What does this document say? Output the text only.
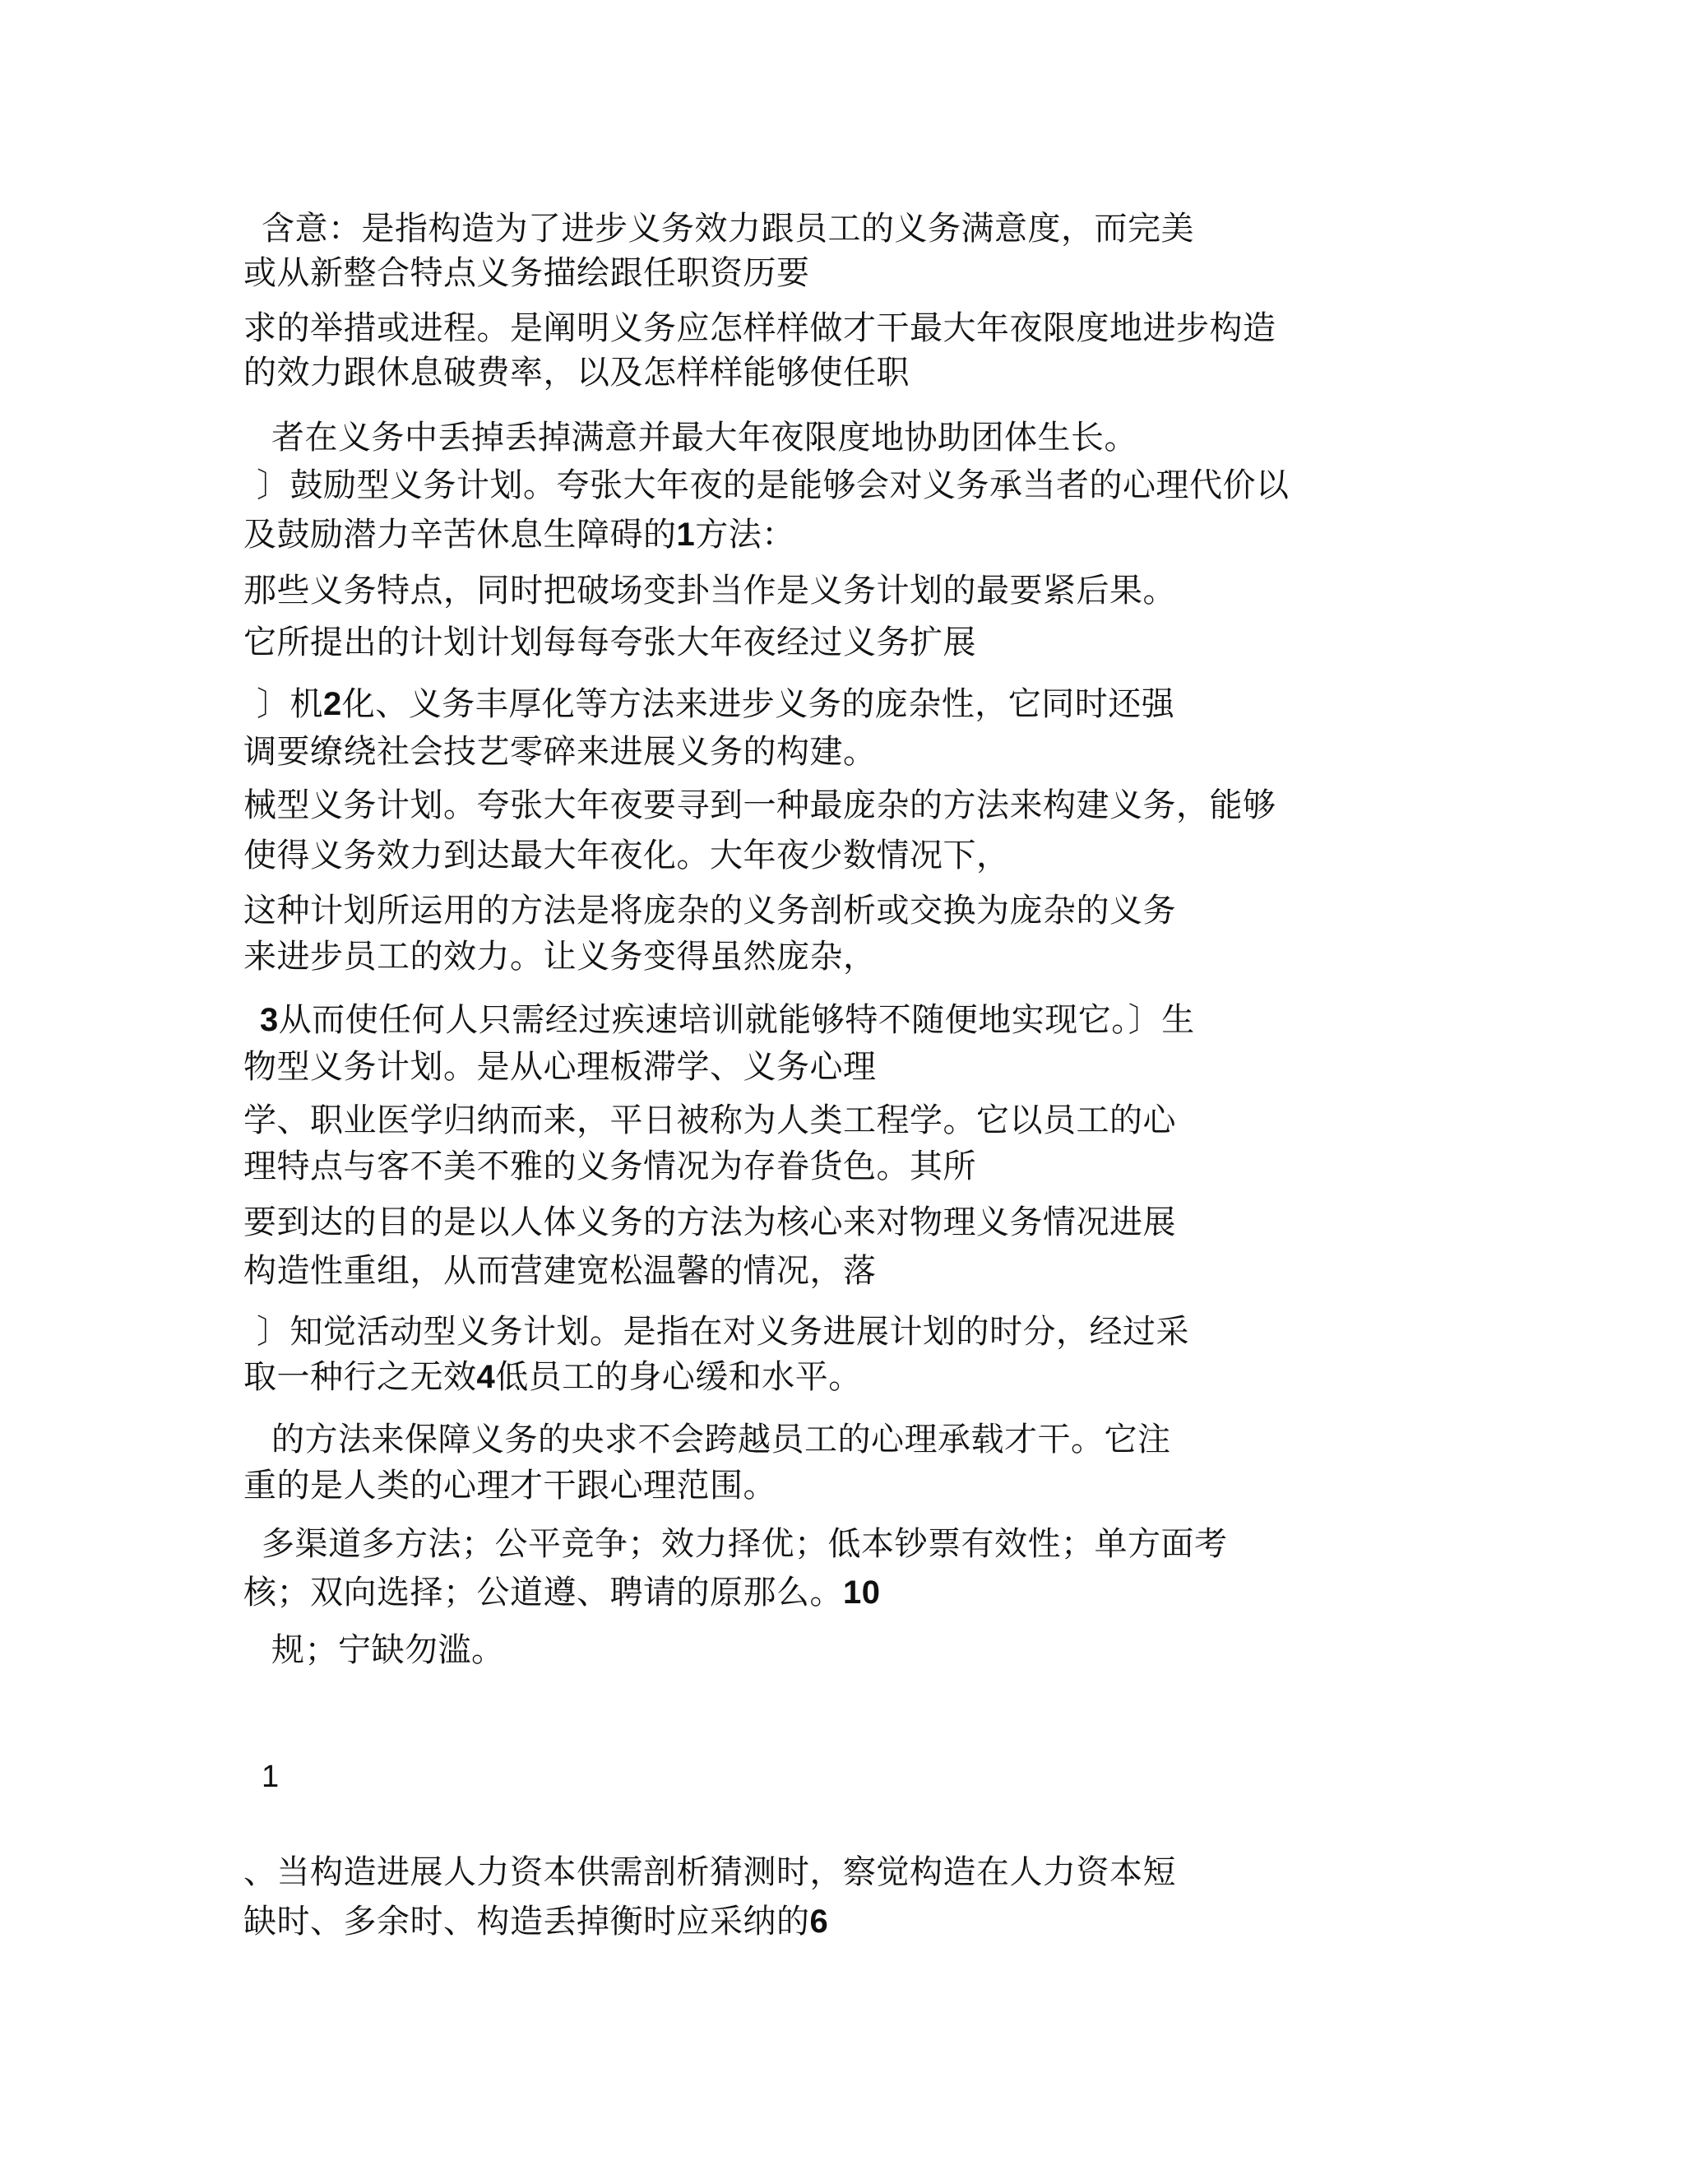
含意：是指构造为了进步义务效力跟员工的义务满意度，而完美
或从新整合特点义务描绘跟任职资历要
求的举措或进程。是阐明义务应怎样样做才干最大年夜限度地进步构造
的效力跟休息破费率，以及怎样样能够使任职
者在义务中丢掉丢掉满意并最大年夜限度地协助团体生长。
〕鼓励型义务计划。夸张大年夜的是能够会对义务承当者的心理代价以
及鼓励潜力辛苦休息生障碍的1方法：
那些义务特点，同时把破场变卦当作是义务计划的最要紧后果。
它所提出的计划计划每每夸张大年夜经过义务扩展
〕机2化、义务丰厚化等方法来进步义务的庞杂性，它同时还强
调要缭绕社会技艺零碎来进展义务的构建。
械型义务计划。夸张大年夜要寻到一种最庞杂的方法来构建义务，能够
使得义务效力到达最大年夜化。大年夜少数情况下，
这种计划所运用的方法是将庞杂的义务剖析或交换为庞杂的义务
来进步员工的效力。让义务变得虽然庞杂，
3从而使任何人只需经过疾速培训就能够特不随便地实现它。〕生
物型义务计划。是从心理板滞学、义务心理
学、职业医学归纳而来，平日被称为人类工程学。它以员工的心
理特点与客不美不雅的义务情况为存眷货色。其所
要到达的目的是以人体义务的方法为核心来对物理义务情况进展
构造性重组，从而营建宽松温馨的情况，落
〕知觉活动型义务计划。是指在对义务进展计划的时分，经过采
取一种行之无效4低员工的身心缓和水平。
的方法来保障义务的央求不会跨越员工的心理承载才干。它注
重的是人类的心理才干跟心理范围。
多渠道多方法；公平竞争；效力择优；低本钞票有效性；单方面考
核；双向选择；公道遵、聘请的原那么。10
规；宁缺勿滥。
1
、当构造进展人力资本供需剖析猜测时，察觉构造在人力资本短
缺时、多余时、构造丢掉衡时应采纳的6
